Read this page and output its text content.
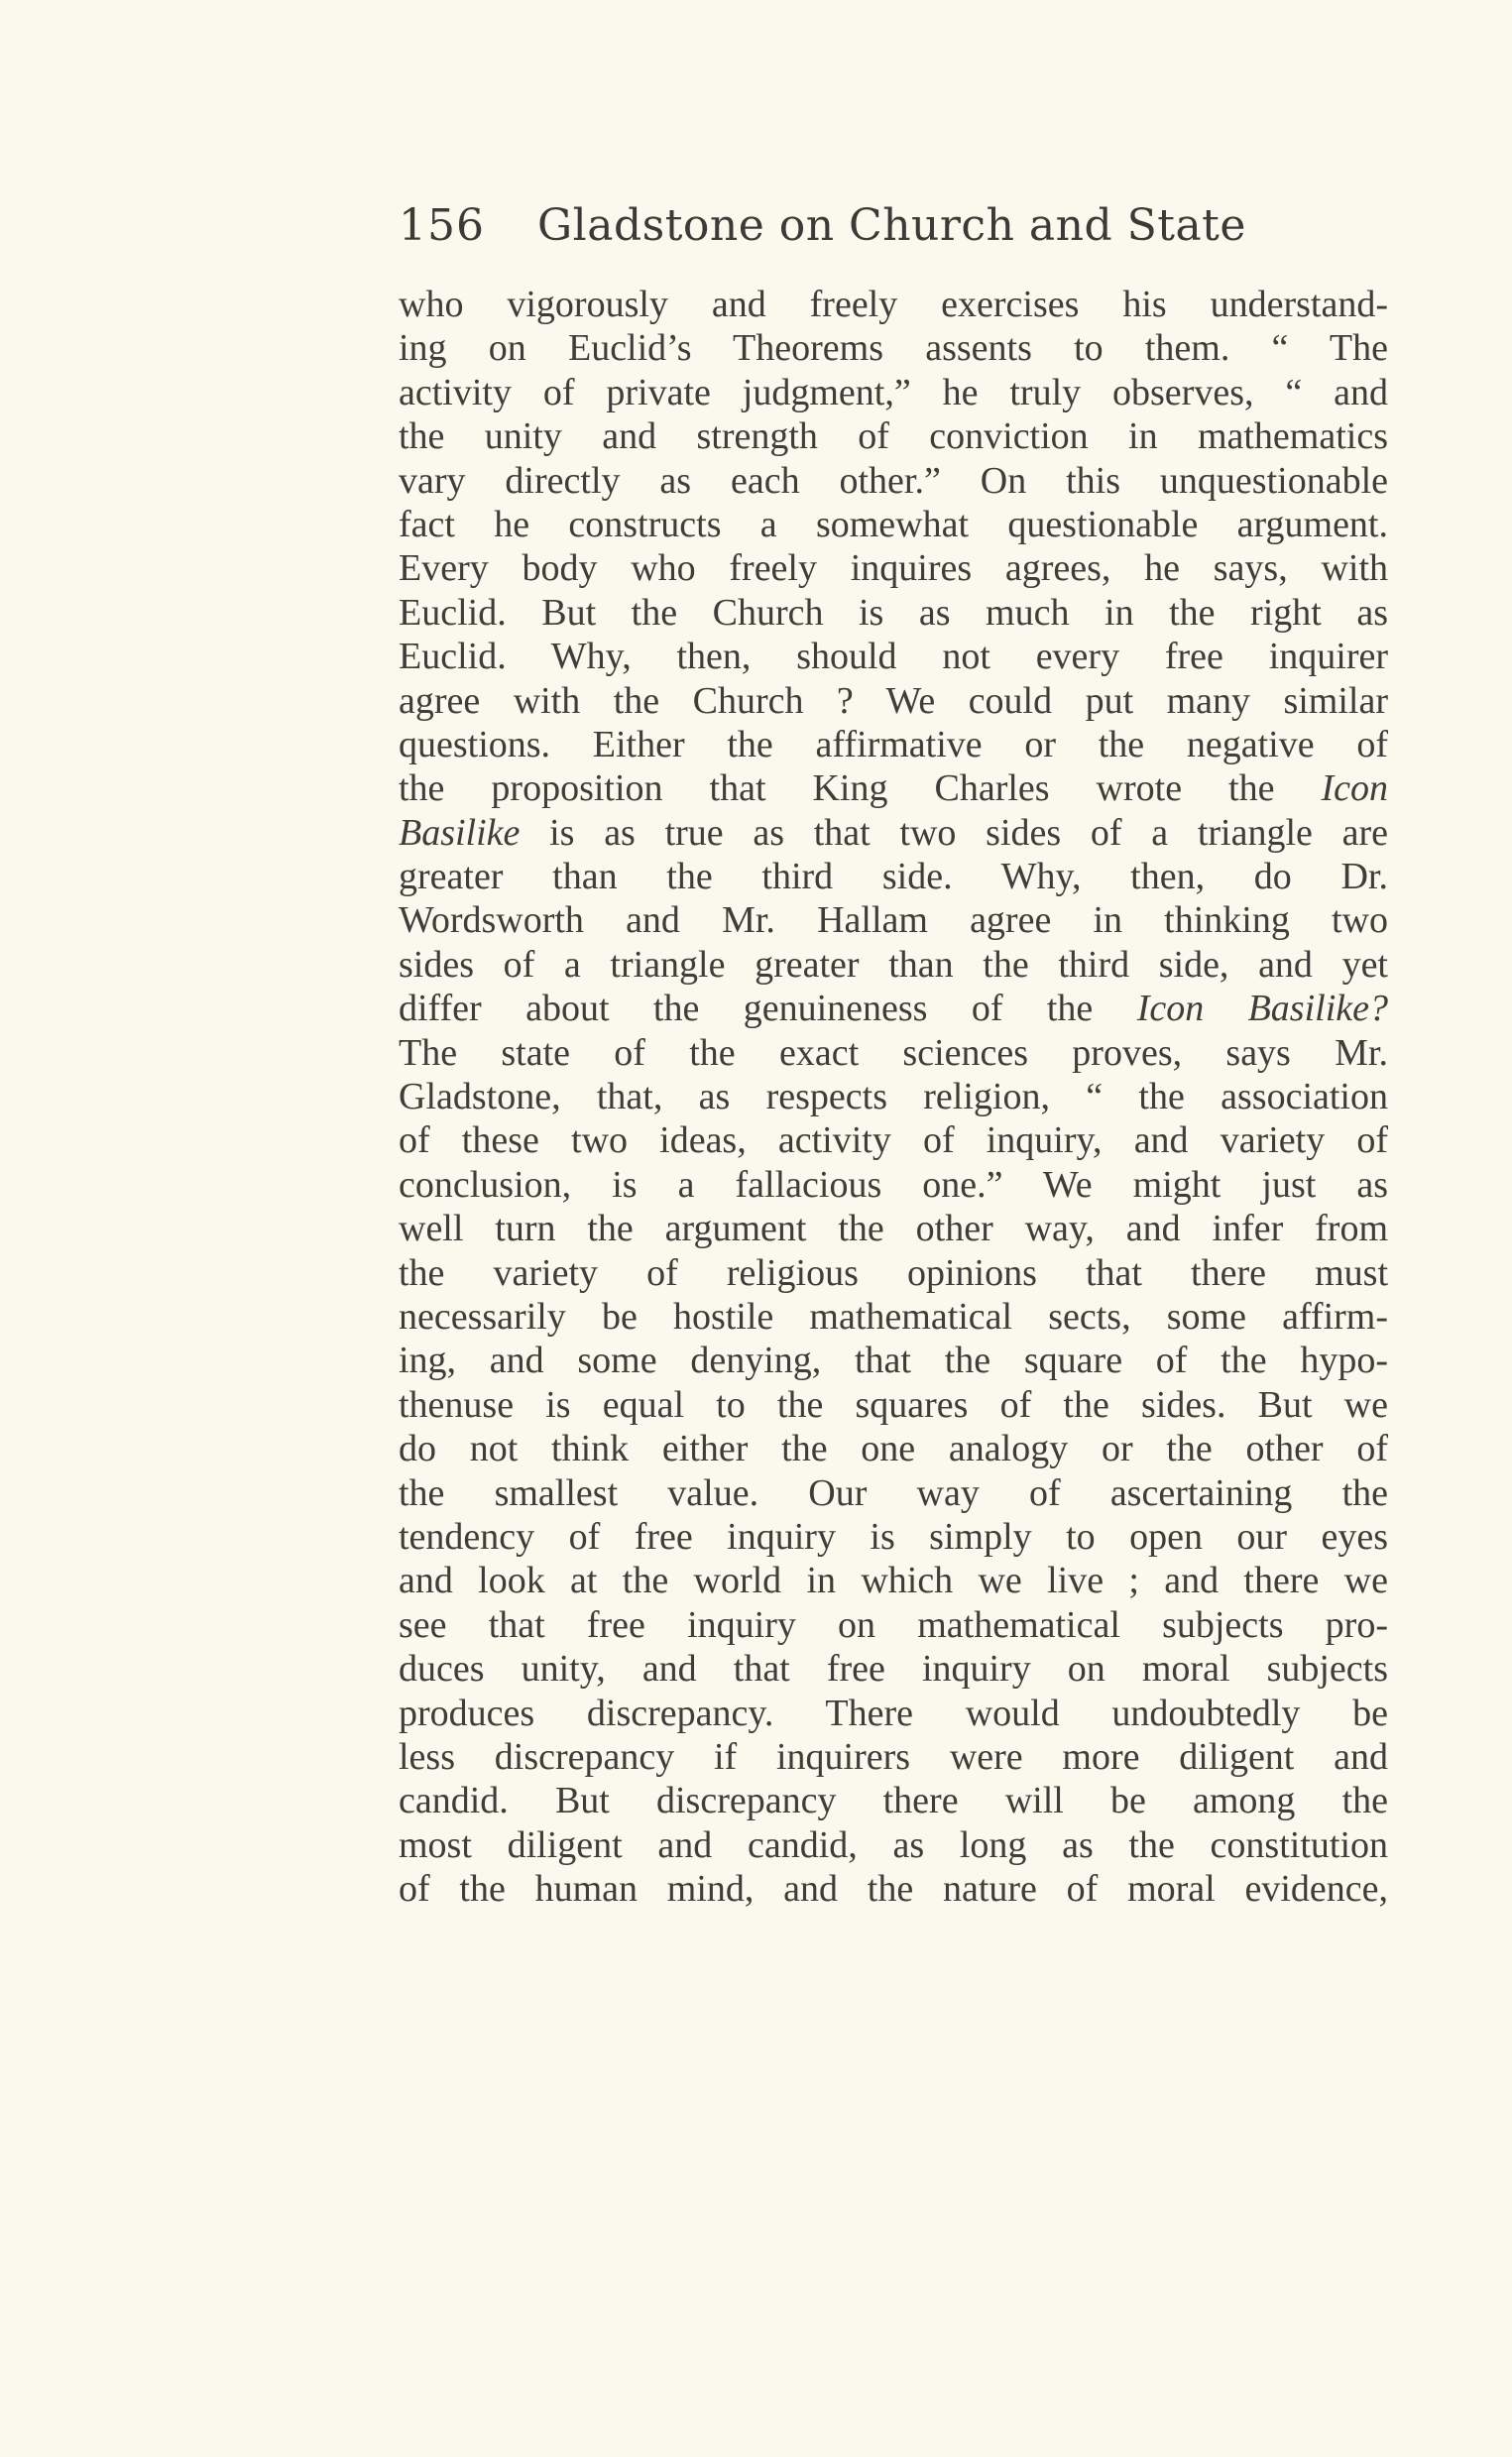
156 Gladstone on Church and State
who vigorously and freely exercises his understand-
ing on Euclid’s Theorems assents to them. “ The
activity of private judgment,” he truly observes, “ and
the unity and strength of conviction in mathematics
vary directly as each other.” On this unquestionable
fact he constructs a somewhat questionable argument.
Every body who freely inquires agrees, he says, with
Euclid. But the Church is as much in the right as
Euclid. Why, then, should not every free inquirer
agree with the Church ? We could put many similar
questions. Either the affirmative or the negative of
the proposition that King Charles wrote the Icon
Basilike is as true as that two sides of a triangle are
greater than the third side. Why, then, do Dr.
Wordsworth and Mr. Hallam agree in thinking two
sides of a triangle greater than the third side, and yet
differ about the genuineness of the Icon Basilike?
The state of the exact sciences proves, says Mr.
Gladstone, that, as respects religion, “ the association
of these two ideas, activity of inquiry, and variety of
conclusion, is a fallacious one.” We might just as
well turn the argument the other way, and infer from
the variety of religious opinions that there must
necessarily be hostile mathematical sects, some affirm-
ing, and some denying, that the square of the hypo-
thenuse is equal to the squares of the sides. But we
do not think either the one analogy or the other of
the smallest value. Our way of ascertaining the
tendency of free inquiry is simply to open our eyes
and look at the world in which we live ; and there we
see that free inquiry on mathematical subjects pro-
duces unity, and that free inquiry on moral subjects
produces discrepancy. There would undoubtedly be
less discrepancy if inquirers were more diligent and
candid. But discrepancy there will be among the
most diligent and candid, as long as the constitution
of the human mind, and the nature of moral evidence,
